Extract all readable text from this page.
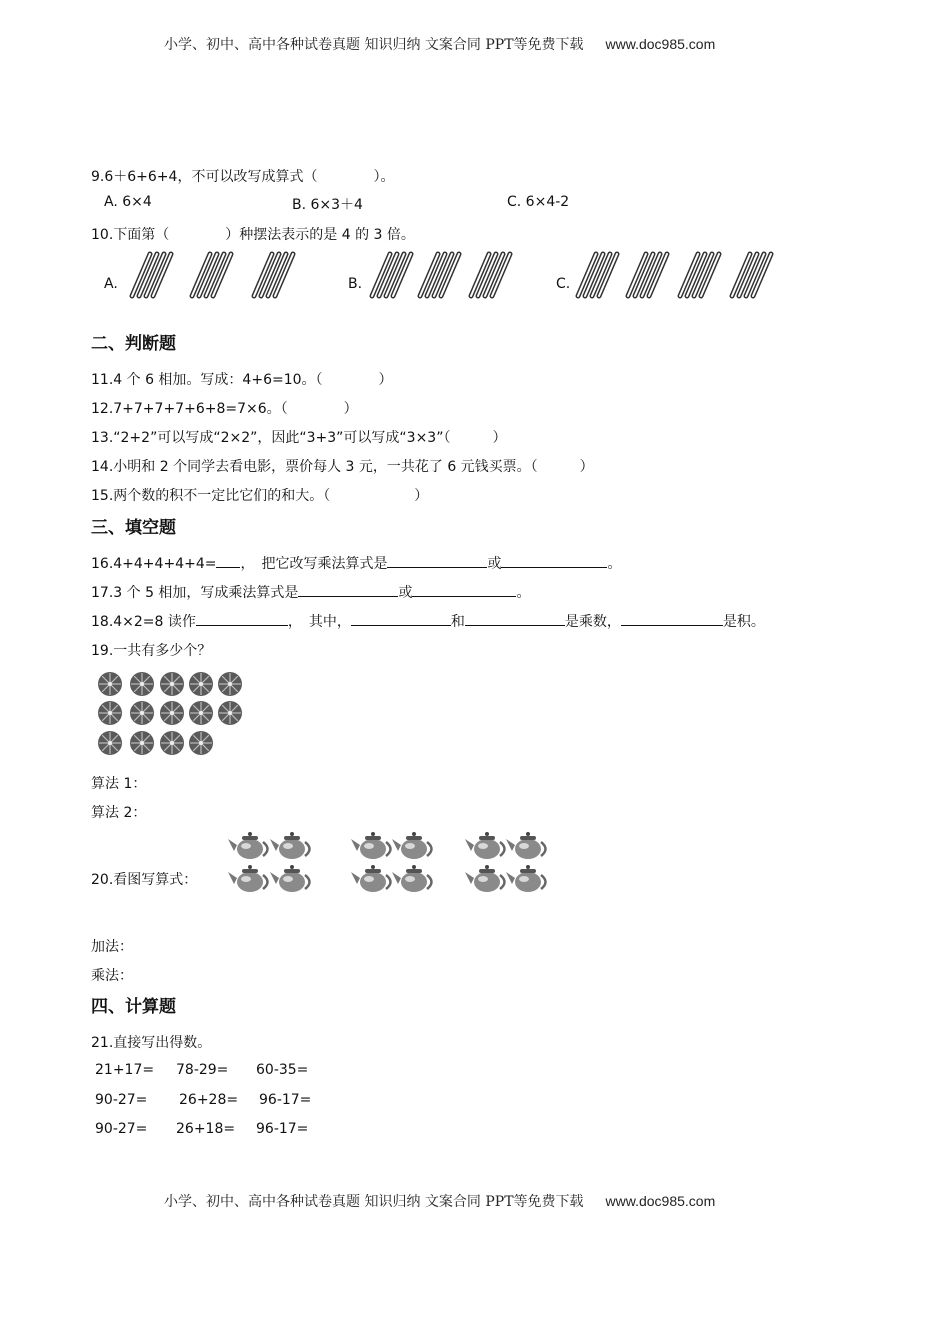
小学、初中、高中各种试卷真题 知识归纳 文案合同 PPT等免费下载 www.doc985.com
9.6＋6+6+4，不可以改写成算式（　　　　）。
A. 6×4	B. 6×3＋4	C. 6×4-2
10.下面第（　　　　）种摆法表示的是 4 的 3 倍。
A.	B.	C.
二、判断题
11.4 个 6 相加。写成：4+6=10。（　　　　）
12.7+7+7+7+6+8=7×6。（　　　　）
13.“2+2”可以写成“2×2”，因此“3+3”可以写成“3×3”（　　　）
14.小明和 2 个同学去看电影，票价每人 3 元，一共花了 6 元钱买票。（　　　）
15.两个数的积不一定比它们的和大。（　　　　　　）
三、填空题
16.4+4+4+4+4= ，　把它改写乘法算式是	或	。
17.3 个 5 相加，写成乘法算式是	或	。
18.4×2=8 读作	，　其中，	和	是乘数，	是积。
19.一共有多少个？
算法 1：
算法 2：
20.看图写算式：
加法：
乘法：
四、计算题
21.直接写出得数。
21+17= 78-29= 60-35=
90-27= 26+28= 96-17=
90-27= 26+18= 96-17=
小学、初中、高中各种试卷真题 知识归纳 文案合同 PPT等免费下载 www.doc985.com
